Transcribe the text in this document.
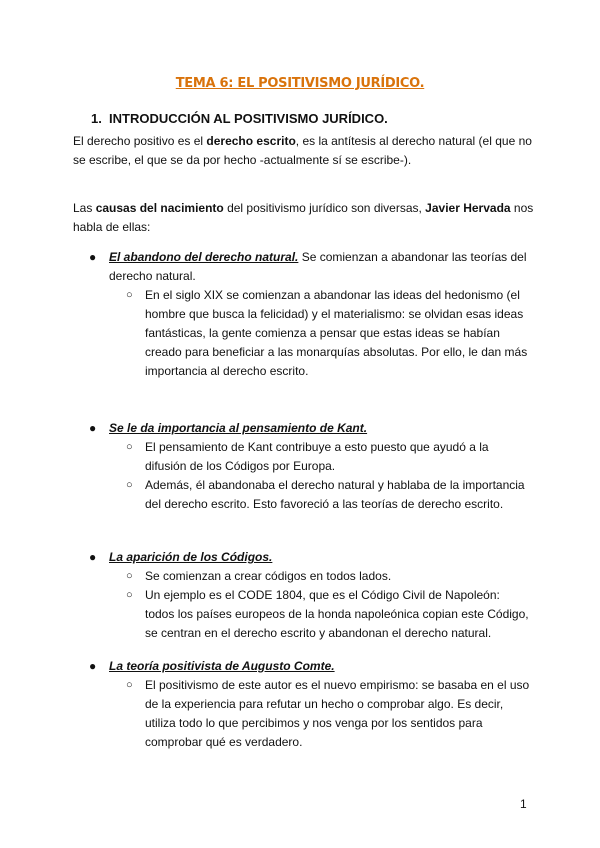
TEMA 6: EL POSITIVISMO JURÍDICO.
1. INTRODUCCIÓN AL POSITIVISMO JURÍDICO.
El derecho positivo es el derecho escrito, es la antítesis al derecho natural (el que no se escribe, el que se da por hecho -actualmente sí se escribe-).
Las causas del nacimiento del positivismo jurídico son diversas, Javier Hervada nos habla de ellas:
● El abandono del derecho natural. Se comienzan a abandonar las teorías del derecho natural.
○ En el siglo XIX se comienzan a abandonar las ideas del hedonismo (el hombre que busca la felicidad) y el materialismo: se olvidan esas ideas fantásticas, la gente comienza a pensar que estas ideas se habían creado para beneficiar a las monarquías absolutas. Por ello, le dan más importancia al derecho escrito.
● Se le da importancia al pensamiento de Kant.
○ El pensamiento de Kant contribuye a esto puesto que ayudó a la difusión de los Códigos por Europa.
○ Además, él abandonaba el derecho natural y hablaba de la importancia del derecho escrito. Esto favoreció a las teorías de derecho escrito.
● La aparición de los Códigos.
○ Se comienzan a crear códigos en todos lados.
○ Un ejemplo es el CODE 1804, que es el Código Civil de Napoleón: todos los países europeos de la honda napoleónica copian este Código, se centran en el derecho escrito y abandonan el derecho natural.
● La teoría positivista de Augusto Comte.
○ El positivismo de este autor es el nuevo empirismo: se basaba en el uso de la experiencia para refutar un hecho o comprobar algo. Es decir, utiliza todo lo que percibimos y nos venga por los sentidos para comprobar qué es verdadero.
1
